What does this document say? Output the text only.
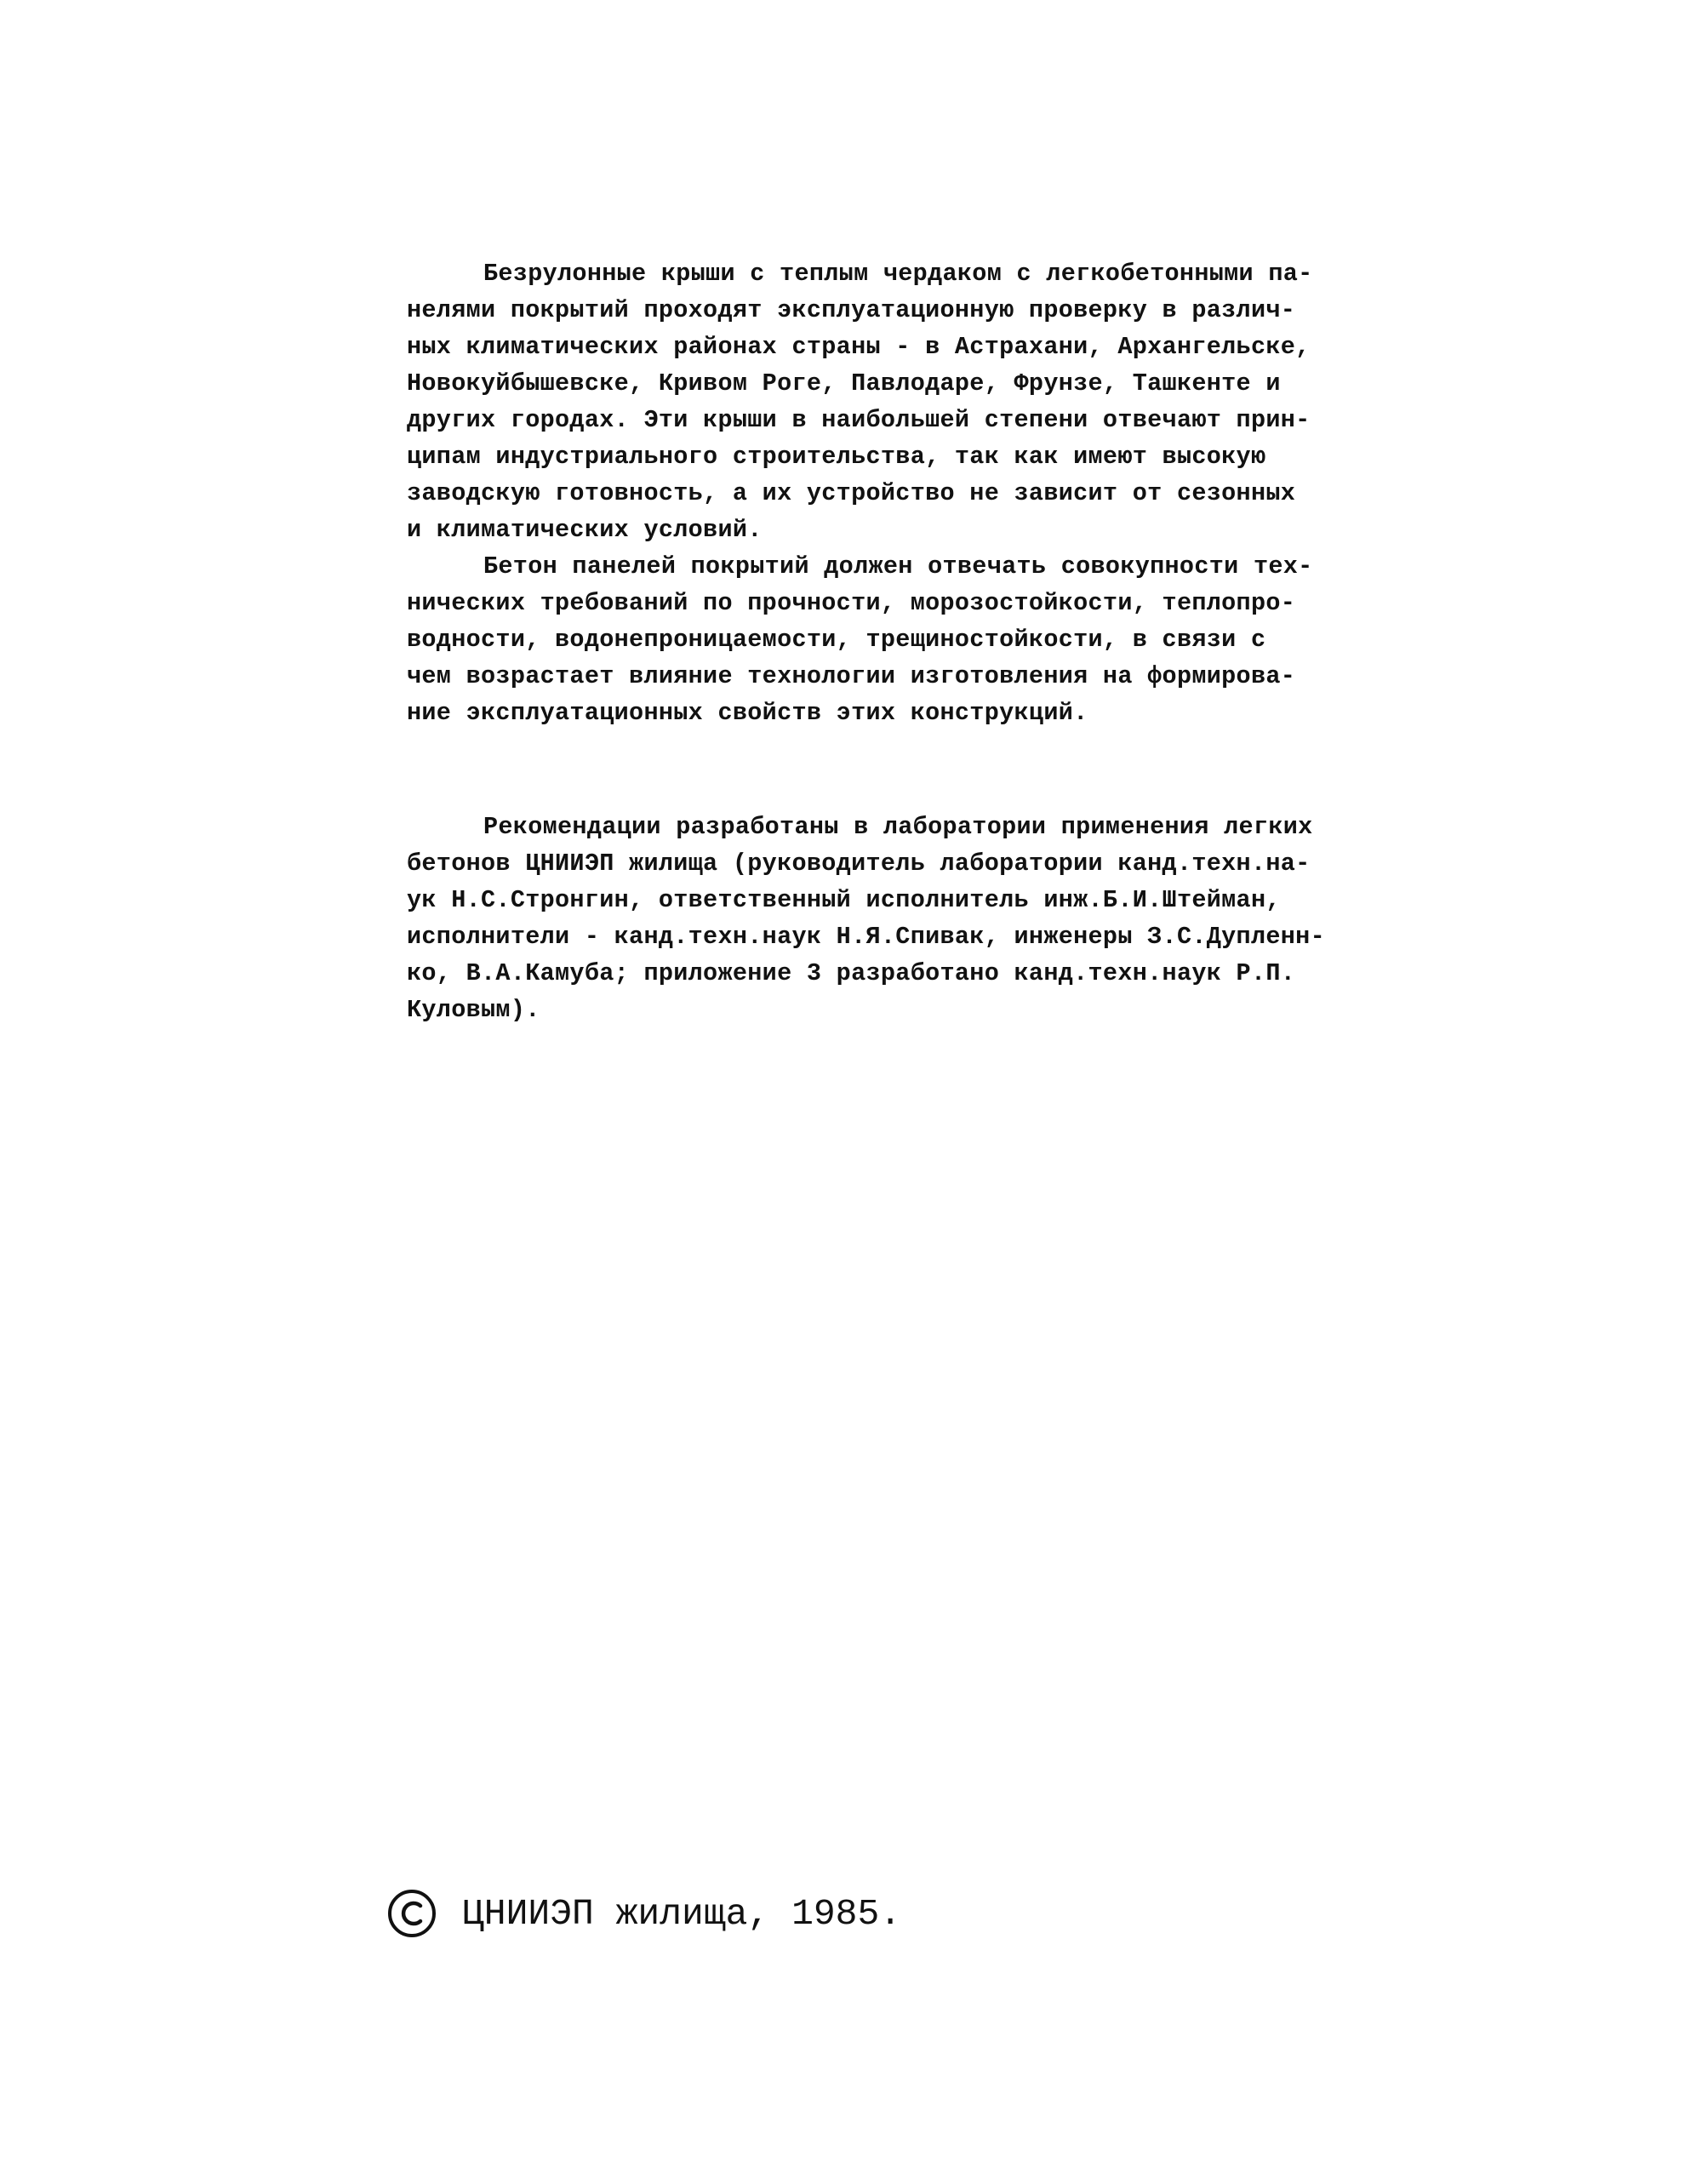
Безрулонные крыши с теплым чердаком с легкобетонными па-
нелями покрытий проходят эксплуатационную проверку в различ-
ных климатических районах страны - в Астрахани, Архангельске,
Новокуйбышевске, Кривом Роге, Павлодаре, Фрунзе, Ташкенте и
других городах. Эти крыши в наибольшей степени отвечают прин-
ципам индустриального строительства, так как имеют высокую
заводскую готовность, а их устройство не зависит от сезонных
и климатических условий.
Бетон панелей покрытий должен отвечать совокупности тех-
нических требований по прочности, морозостойкости, теплопро-
водности, водонепроницаемости, трещиностойкости, в связи с
чем возрастает влияние технологии изготовления на формирова-
ние эксплуатационных свойств этих конструкций.
Рекомендации разработаны в лаборатории применения легких
бетонов ЦНИИЭП жилища (руководитель лаборатории канд.техн.на-
ук Н.С.Стронгин, ответственный исполнитель инж.Б.И.Штейман,
исполнители - канд.техн.наук Н.Я.Спивак, инженеры З.С.Дупленн-
ко, В.А.Камуба; приложение 3 разработано канд.техн.наук Р.П.
Куловым).
ЦНИИЭП жилища, 1985.
